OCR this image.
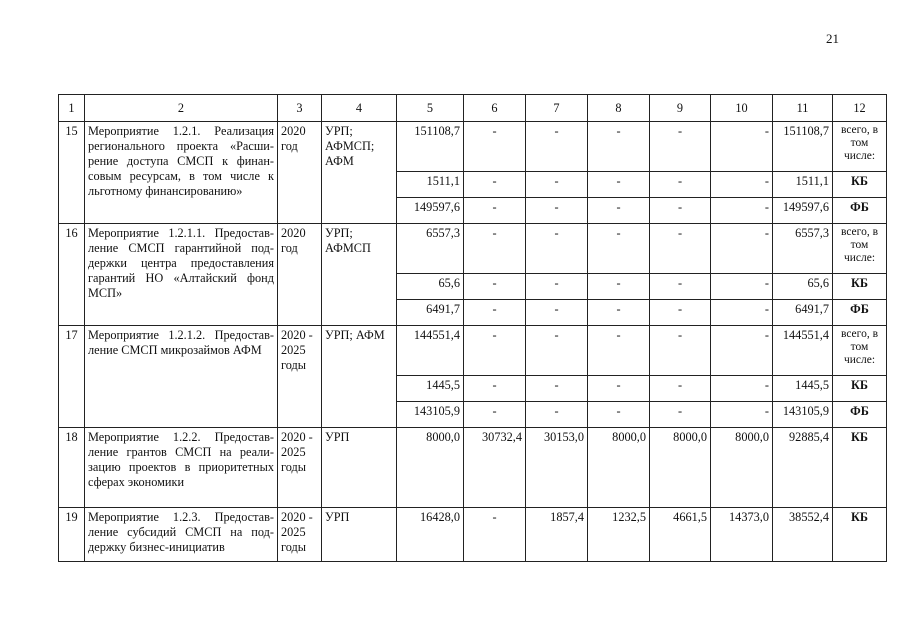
21
1	2	3	4	5	6	7	8	9	10	11	12
15	Мероприятие 1.2.1. Реализация регионального проекта «Расши-рение доступа СМСП к финан-совым ресурсам, в том числе к льготному финансированию»	2020 год	УРП; АФМСП; АФМ	151108,7	-	-	-	-	-	151108,7	всего, в том числе:
				1511,1	-	-	-	-	-	1511,1	КБ
				149597,6	-	-	-	-	-	149597,6	ФБ
16	Мероприятие 1.2.1.1. Предостав-ление СМСП гарантийной под-держки центра предоставления гарантий НО «Алтайский фонд МСП»	2020 год	УРП; АФМСП	6557,3	-	-	-	-	-	6557,3	всего, в том числе:
				65,6	-	-	-	-	-	65,6	КБ
				6491,7	-	-	-	-	-	6491,7	ФБ
17	Мероприятие 1.2.1.2. Предостав-ление СМСП микрозаймов АФМ	2020 - 2025 годы	УРП; АФМ	144551,4	-	-	-	-	-	144551,4	всего, в том числе:
				1445,5	-	-	-	-	-	1445,5	КБ
				143105,9	-	-	-	-	-	143105,9	ФБ
18	Мероприятие 1.2.2. Предостав-ление грантов СМСП на реали-зацию проектов в приоритетных сферах экономики	2020 - 2025 годы	УРП	8000,0	30732,4	30153,0	8000,0	8000,0	8000,0	92885,4	КБ
19	Мероприятие 1.2.3. Предостав-ление субсидий СМСП на под-держку бизнес-инициатив	2020 - 2025 годы	УРП	16428,0	-	1857,4	1232,5	4661,5	14373,0	38552,4	КБ
